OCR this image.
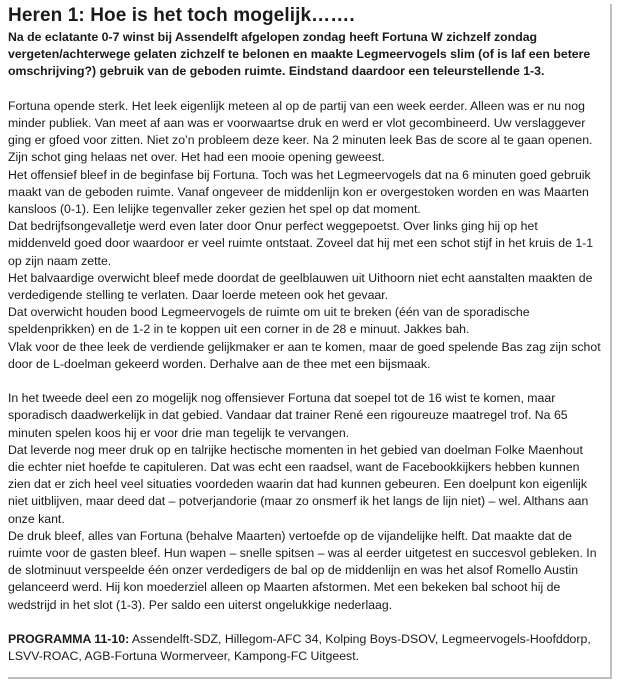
Heren 1: Hoe is het toch mogelijk…….

Na de eclatante 0-7 winst bij Assendelft afgelopen zondag heeft Fortuna W zichzelf zondag vergeten/achterwege gelaten zichzelf te belonen en maakte Legmeervogels slim (of is laf een betere omschrijving?) gebruik van de geboden ruimte. Eindstand daardoor een teleurstellende 1-3.

Fortuna opende sterk. Het leek eigenlijk meteen al op de partij van een week eerder. Alleen was er nu nog minder publiek. Van meet af aan was er voorwaartse druk en werd er vlot gecombineerd. Uw verslaggever ging er gfoed voor zitten. Niet zo’n probleem deze keer. Na 2 minuten leek Bas de score al te gaan openen. Zijn schot ging helaas net over. Het had een mooie opening geweest.

Het offensief bleef in de beginfase bij Fortuna. Toch was het Legmeervogels dat na 6 minuten goed gebruik maakt van de geboden ruimte. Vanaf ongeveer de middenlijn kon er overgestoken worden en was Maarten kansloos (0-1). Een lelijke tegenvaller zeker gezien het spel op dat moment.

Dat bedrijfsongevalletje werd even later door Onur perfect weggepoetst. Over links ging hij op het middenveld goed door waardoor er veel ruimte ontstaat. Zoveel dat hij met een schot stijf in het kruis de 1-1 op zijn naam zette.

Het balvaardige overwicht bleef mede doordat de geelblauwen uit Uithoorn niet echt aanstalten maakten de verdedigende stelling te verlaten. Daar loerde meteen ook het gevaar.

Dat overwicht houden bood Legmeervogels de ruimte om uit te breken (één van de sporadische speldenprikken) en de 1-2 in te koppen uit een corner in de 28 e minuut. Jakkes bah.

Vlak voor de thee leek de verdiende gelijkmaker er aan te komen, maar de goed spelende Bas zag zijn schot door de L-doelman gekeerd worden. Derhalve aan de thee met een bijsmaak.

In het tweede deel een zo mogelijk nog offensiever Fortuna dat soepel tot de 16 wist te komen, maar sporadisch daadwerkelijk in dat gebied. Vandaar dat trainer René een rigoureuze maatregel trof. Na 65 minuten spelen koos hij er voor drie man tegelijk te vervangen.

Dat leverde nog meer druk op en talrijke hectische momenten in het gebied van doelman Folke Maenhout die echter niet hoefde te capituleren. Dat was echt een raadsel, want de Facebookkijkers hebben kunnen zien dat er zich heel veel situaties voordeden waarin dat had kunnen gebeuren. Een doelpunt kon eigenlijk niet uitblijven, maar deed dat – potverjandorie (maar zo onsmerf ik het langs de lijn niet) – wel. Althans aan onze kant.

De druk bleef, alles van Fortuna (behalve Maarten) vertoefde op de vijandelijke helft. Dat maakte dat de ruimte voor de gasten bleef. Hun wapen – snelle spitsen – was al eerder uitgetest en succesvol gebleken. In de slotminuut verspeelde één onzer verdedigers de bal op de middenlijn en was het alsof Romello Austin gelanceerd werd. Hij kon moederziel alleen op Maarten afstormen. Met een bekeken bal schoot hij de wedstrijd in het slot (1-3). Per saldo een uiterst ongelukkige nederlaag.

PROGRAMMA 11-10: Assendelft-SDZ, Hillegom-AFC 34, Kolping Boys-DSOV, Legmeervogels-Hoofddorp, LSVV-ROAC, AGB-Fortuna Wormerveer, Kampong-FC Uitgeest.
